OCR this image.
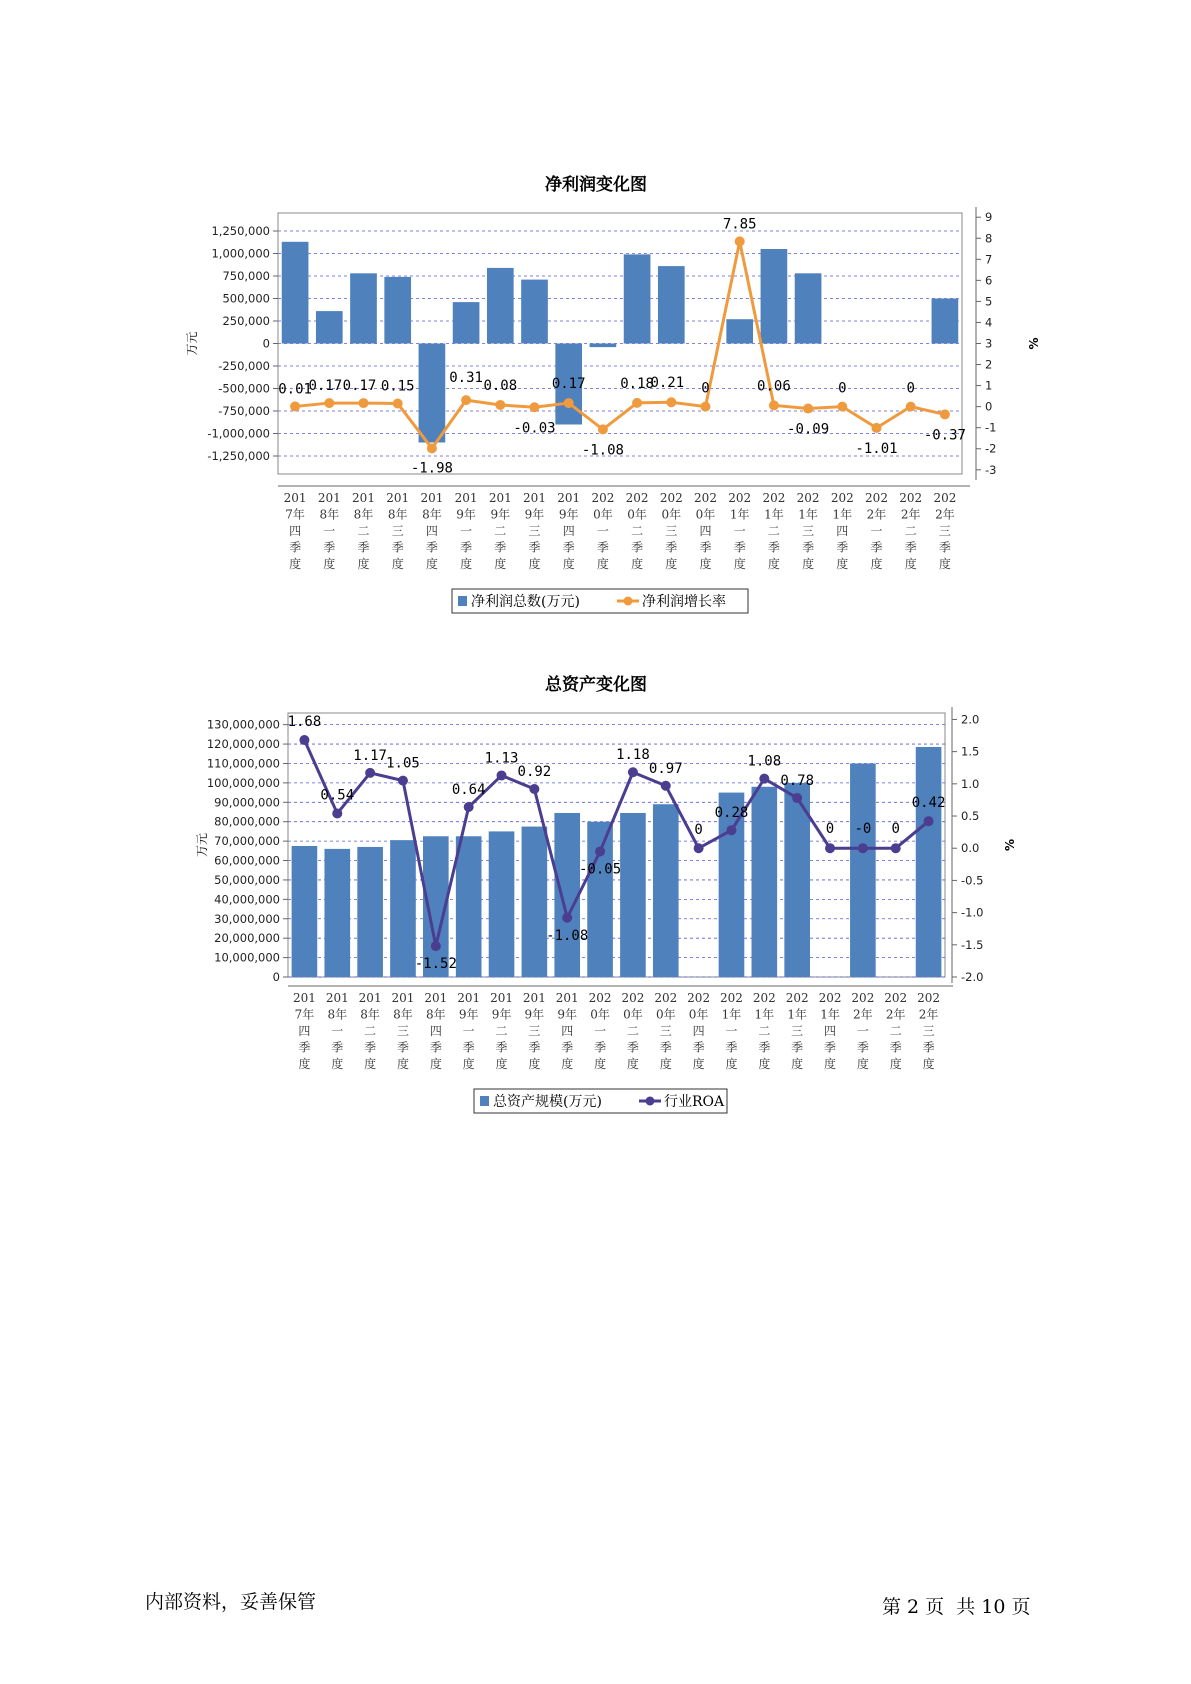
净利润变化图
1,250,000
1,000,000
750,000
500,000
250,000
0
-250,000
-500,000
-750,000
-1,000,000
-1,250,000
9
8
7
6
5
4
3
2
1
0
-1
-2
-3
万元	%
0.01
0.17 0.17 0.15
-1.98
0.31 0.08
-0.03
0.17
-1.08
0.18
0.21 0
7.85
0.06
-0.09
0
-1.01
0
-0.37
201 7年四季度
201 8年一季度
201 8年二季度
201 8年三季度
201 8年四季度
201 9年一季度
201 9年二季度
201 9年三季度
201 9年四季度
202 0年一季度
202 0年二季度
202 0年三季度
202 0年四季度
202 1年一季度
202 1年二季度
202 1年三季度
202 1年四季度
202 2年一季度
202 2年二季度
202 2年三季度
净利润总数(万元)	净利润增长率
总资产变化图
130,000,000
120,000,000
110,000,000
100,000,000
90,000,000
80,000,000
70,000,000
60,000,000
50,000,000
40,000,000
30,000,000
20,000,000
10,000,000
0
2.0
1.5
1.0
0.5
0.0
-0.5
-1.0
-1.5
-2.0
万元	%
1.68
0.54
1.17 1.05
-1.52
0.64
1.13
0.92
-1.08
-0.05
1.18
0.97
0
0.28
1.08
0.78
0 -0 0
0.42
201 7年四季度
201 8年一季度
201 8年二季度
201 8年三季度
201 8年四季度
201 9年一季度
201 9年二季度
201 9年三季度
201 9年四季度
202 0年一季度
202 0年二季度
202 0年三季度
202 0年四季度
202 1年一季度
202 1年二季度
202 1年三季度
202 1年四季度
202 2年一季度
202 2年二季度
202 2年三季度
总资产规模(万元)	行业ROA
内部资料，妥善保管	第 2 页  共 10 页
